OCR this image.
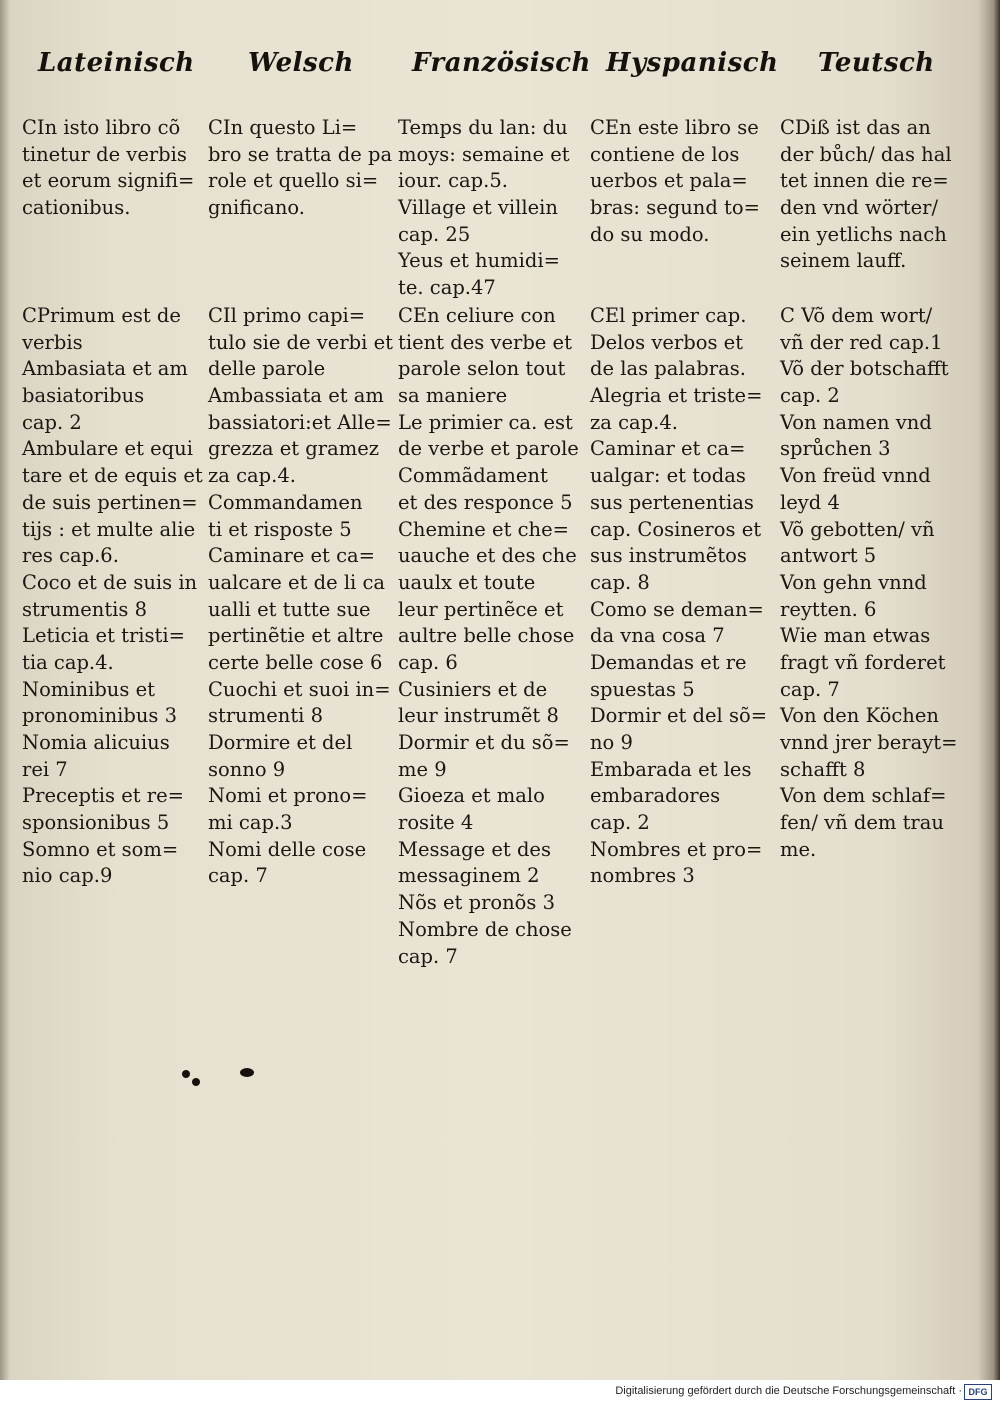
Lateinisch Welsch Französisch Hyspanisch Teutsch
CIn isto libro cõ
tinetur de verbis
et eorum signifi=
cationibus.
CIn questo Li=
bro se tratta de pa
role et quello si=
gnificano.
Temps du lan: du
moys: semaine et
iour. cap.5.
Village et villein
cap. 25
Yeus et humidi=
te. cap.47
CEn este libro se
contiene de los
uerbos et pala=
bras: segund to=
do su modo.
CDiß ist das an
der bůch/ das hal
tet innen die re=
den vnd wörter/
ein yetlichs nach
seinem lauff.
CPrimum est de
verbis
Ambasiata et am
basiatoribus
cap. 2
Ambulare et equi
tare et de equis et
de suis pertinen=
tijs : et multe alie
res cap.6.
Coco et de suis in
strumentis 8
Leticia et tristi=
tia cap.4.
Nominibus et
pronominibus 3
Nomia alicuius
rei 7
Preceptis et re=
sponsionibus 5
Somno et som=
nio cap.9
CIl primo capi=
tulo sie de verbi et
delle parole
Ambassiata et am
bassiatori:et Alle=
grezza et gramez
za cap.4.
Commandamen
ti et risposte 5
Caminare et ca=
ualcare et de li ca
ualli et tutte sue
pertinẽtie et altre
certe belle cose 6
Cuochi et suoi in=
strumenti 8
Dormire et del
sonno 9
Nomi et prono=
mi cap.3
Nomi delle cose
cap. 7
CEn celiure con
tient des verbe et
parole selon tout
sa maniere
Le primier ca. est
de verbe et parole
Commãdament
et des responce 5
Chemine et che=
uauche et des che
uaulx et toute
leur pertinẽce et
aultre belle chose
cap. 6
Cusiniers et de
leur instrumẽt 8
Dormir et du sõ=
me 9
Gioeza et malo
rosite 4
Message et des
messaginem 2
Nõs et pronõs 3
Nombre de chose
cap. 7
CEl primer cap.
Delos verbos et
de las palabras.
Alegria et triste=
za cap.4.
Caminar et ca=
ualgar: et todas
sus pertenentias
cap. Cosineros et
sus instrumẽtos
cap. 8
Como se deman=
da vna cosa 7
Demandas et re
spuestas 5
Dormir et del sõ=
no 9
Embarada et les
embaradores
cap. 2
Nombres et pro=
nombres 3
C Võ dem wort/
vñ der red cap.1
Võ der botschafft
cap. 2
Von namen vnd
sprůchen 3
Von freüd vnnd
leyd 4
Võ gebotten/ vñ
antwort 5
Von gehn vnnd
reytten. 6
Wie man etwas
fragt vñ forderet
cap. 7
Von den Köchen
vnnd jrer berayt=
schafft 8
Von dem schlaf=
fen/ vñ dem trau
me.
Digitalisierung gefördert durch die Deutsche Forschungsgemeinschaft · DFG
